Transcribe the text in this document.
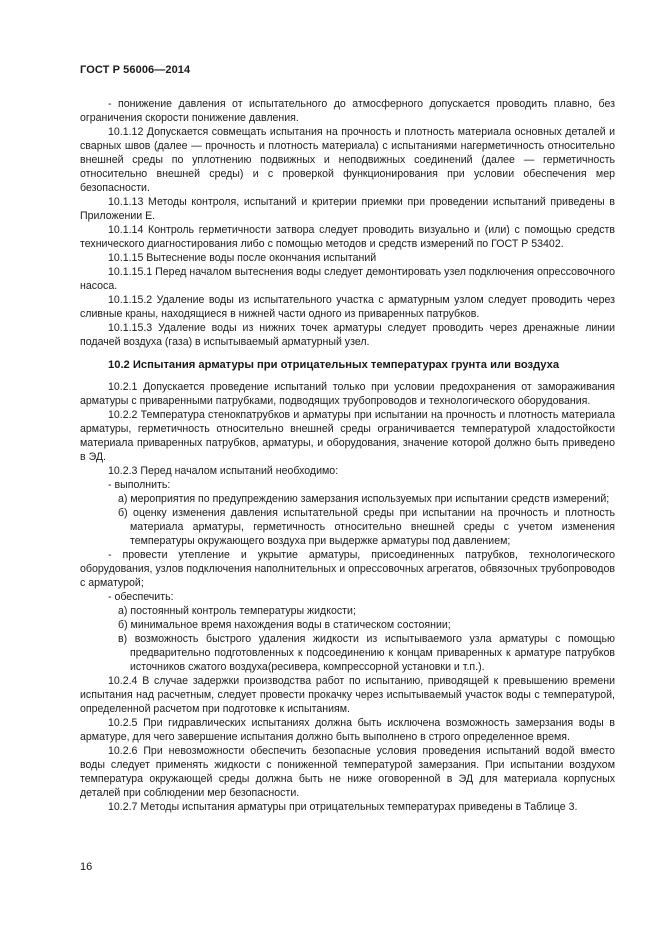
ГОСТ Р 56006—2014

- понижение давления от испытательного до атмосферного допускается проводить плавно, без ограничения скорости понижение давления.

10.1.12 Допускается совмещать испытания на прочность и плотность материала основных деталей и сварных швов (далее — прочность и плотность материала) с испытаниями нагерметичность относительно внешней среды по уплотнению подвижных и неподвижных соединений (далее — герметичность относительно внешней среды) и с проверкой функционирования при условии обеспечения мер безопасности.

10.1.13 Методы контроля, испытаний и критерии приемки при проведении испытаний приведены в Приложении Е.

10.1.14 Контроль герметичности затвора следует проводить визуально и (или) с помощью средств технического диагностирования либо с помощью методов и средств измерений по ГОСТ Р 53402.

10.1.15 Вытеснение воды после окончания испытаний

10.1.15.1 Перед началом вытеснения воды следует демонтировать узел подключения опрессовочного насоса.

10.1.15.2 Удаление воды из испытательного участка с арматурным узлом следует проводить через сливные краны, находящиеся в нижней части одного из приваренных патрубков.

10.1.15.3 Удаление воды из нижних точек арматуры следует проводить через дренажные линии подачей воздуха (газа) в испытываемый арматурный узел.

10.2 Испытания арматуры при отрицательных температурах грунта или воздуха

10.2.1 Допускается проведение испытаний только при условии предохранения от замораживания арматуры с приваренными патрубками, подводящих трубопроводов и технологического оборудования.

10.2.2 Температура стенокпатрубков и арматуры при испытании на прочность и плотность материала арматуры, герметичность относительно внешней среды ограничивается температурой хладостойкости материала приваренных патрубков, арматуры, и оборудования, значение которой должно быть приведено в ЭД.

10.2.3 Перед началом испытаний необходимо:

- выполнить:

а) мероприятия по предупреждению замерзания используемых при испытании средств измерений;

б) оценку изменения давления испытательной среды при испытании на прочность и плотность материала арматуры, герметичность относительно внешней среды с учетом изменения температуры окружающего воздуха при выдержке арматуры под давлением;

- провести утепление и укрытие арматуры, присоединенных патрубков, технологического оборудования, узлов подключения наполнительных и опрессовочных агрегатов, обвязочных трубопроводов с арматурой;

- обеспечить:

а) постоянный контроль температуры жидкости;

б) минимальное время нахождения воды в статическом состоянии;

в) возможность быстрого удаления жидкости из испытываемого узла арматуры с помощью предварительно подготовленных к подсоединению к концам приваренных к арматуре патрубков источников сжатого воздуха(ресивера, компрессорной установки и т.п.).

10.2.4 В случае задержки производства работ по испытанию, приводящей к превышению времени испытания над расчетным, следует провести прокачку через испытываемый участок воды с температурой, определенной расчетом при подготовке к испытаниям.

10.2.5 При гидравлических испытаниях должна быть исключена возможность замерзания воды в арматуре, для чего завершение испытания должно быть выполнено в строго определенное время.

10.2.6 При невозможности обеспечить безопасные условия проведения испытаний водой вместо воды следует применять жидкости с пониженной температурой замерзания. При испытании воздухом температура окружающей среды должна быть не ниже оговоренной в ЭД для материала корпусных деталей при соблюдении мер безопасности.

10.2.7 Методы испытания арматуры при отрицательных температурах приведены в Таблице 3.

16
